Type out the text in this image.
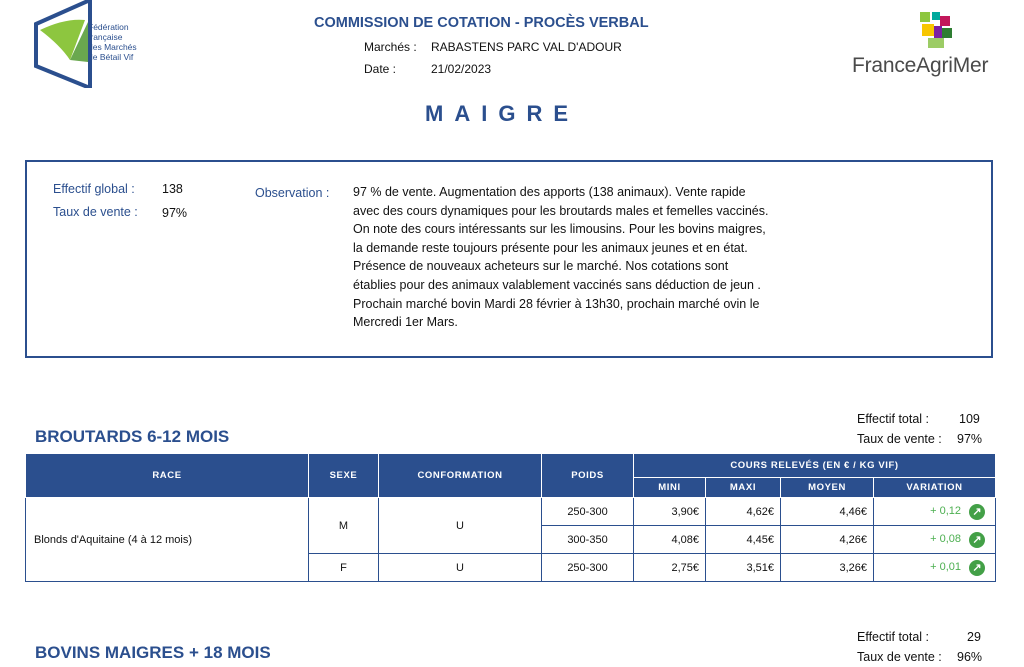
Fédération
française
des Marchés
de Bétail Vif
COMMISSION DE COTATION - PROCÈS VERBAL
Marchés : RABASTENS PARC VAL D'ADOUR
Date :	21/02/2023	FranceAgriMer
MAIGRE
Effectif global : 138
Taux de vente : 97%
Observation : 97 % de vente. Augmentation des apports (138 animaux). Vente rapide avec des cours dynamiques pour les broutards males et femelles vaccinés. On note des cours intéressants sur les limousins. Pour les bovins maigres, la demande reste toujours présente pour les animaux jeunes et en état. Présence de nouveaux acheteurs sur le marché. Nos cotations sont établies pour des animaux valablement vaccinés sans déduction de jeun . Prochain marché bovin Mardi 28 février à 13h30, prochain marché ovin le Mercredi 1er Mars.
BROUTARDS 6-12 MOIS
Effectif total : 109
Taux de vente : 97%
RACE	SEXE	CONFORMATION	POIDS	COURS RELEVÉS (EN € / KG VIF)			
				MINI	MAXI	MOYEN	VARIATION
Blonds d'Aquitaine (4 à 12 mois)	M	U	250-300	3,90€	4,62€	4,46€	+ 0,12 ↗
			300-350	4,08€	4,45€	4,26€	+ 0,08 ↗
	F	U	250-300	2,75€	3,51€	3,26€	+ 0,01 ↗
BOVINS MAIGRES + 18 MOIS
Effectif total :	29
Taux de vente : 96%
